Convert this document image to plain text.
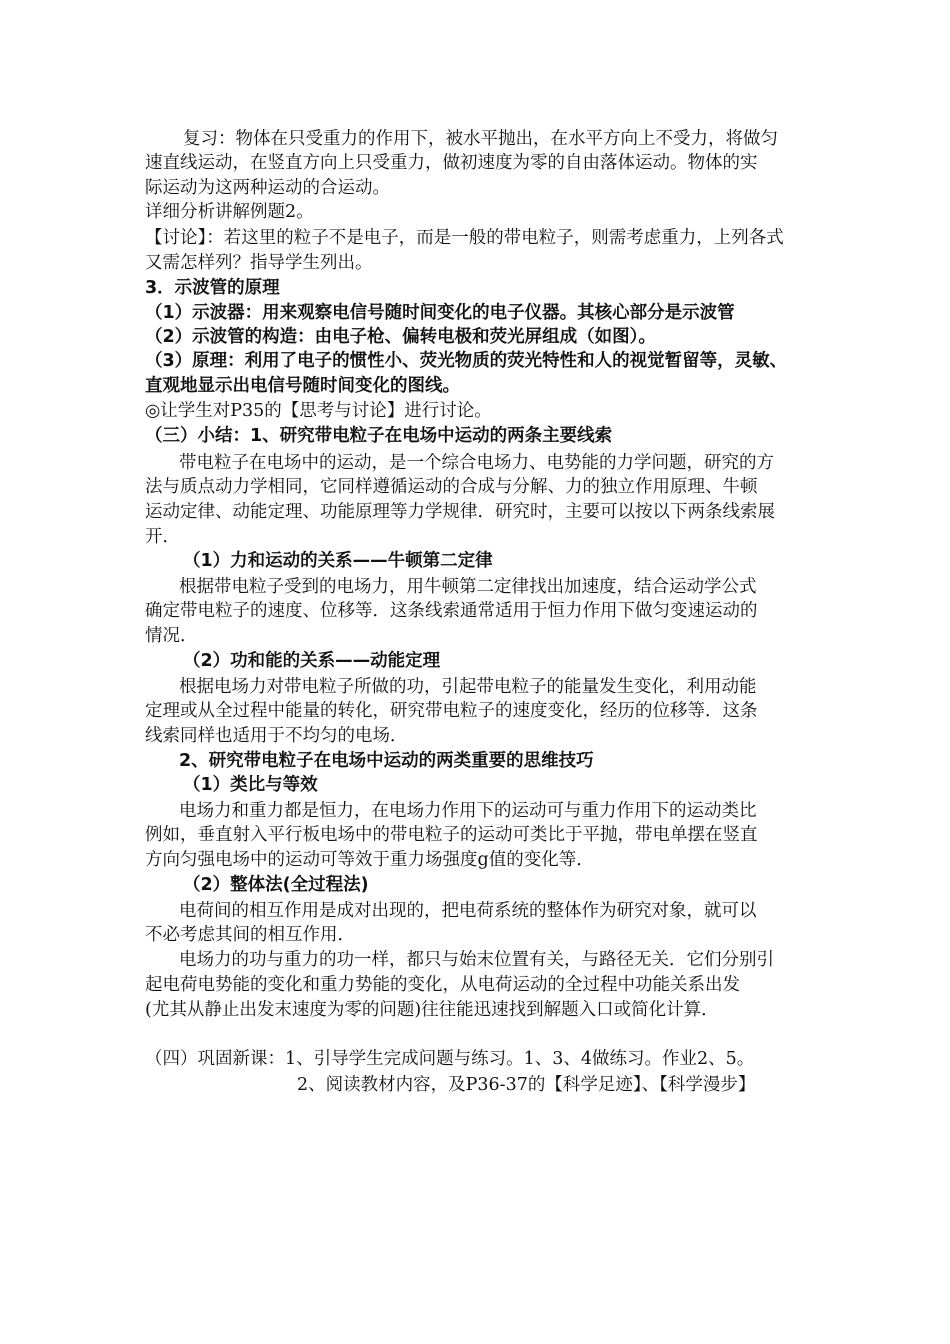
复习：物体在只受重力的作用下，被水平抛出，在水平方向上不受力，将做匀
速直线运动，在竖直方向上只受重力，做初速度为零的自由落体运动。物体的实
际运动为这两种运动的合运动。
详细分析讲解例题2。
【讨论】：若这里的粒子不是电子，而是一般的带电粒子，则需考虑重力，上列各式
又需怎样列？指导学生列出。
3．示波管的原理
（1）示波器：用来观察电信号随时间变化的电子仪器。其核心部分是示波管
（2）示波管的构造：由电子枪、偏转电极和荧光屏组成（如图）。
（3）原理：利用了电子的惯性小、荧光物质的荧光特性和人的视觉暂留等，灵敏、
直观地显示出电信号随时间变化的图线。
◎让学生对P35的【思考与讨论】进行讨论。
（三）小结：1、研究带电粒子在电场中运动的两条主要线索
带电粒子在电场中的运动，是一个综合电场力、电势能的力学问题，研究的方
法与质点动力学相同，它同样遵循运动的合成与分解、力的独立作用原理、牛顿
运动定律、动能定理、功能原理等力学规律．研究时，主要可以按以下两条线索展
开．
（1）力和运动的关系——牛顿第二定律
根据带电粒子受到的电场力，用牛顿第二定律找出加速度，结合运动学公式
确定带电粒子的速度、位移等．这条线索通常适用于恒力作用下做匀变速运动的
情况．
（2）功和能的关系——动能定理
根据电场力对带电粒子所做的功，引起带电粒子的能量发生变化，利用动能
定理或从全过程中能量的转化，研究带电粒子的速度变化，经历的位移等．这条
线索同样也适用于不均匀的电场．
2、研究带电粒子在电场中运动的两类重要的思维技巧
（1）类比与等效
电场力和重力都是恒力，在电场力作用下的运动可与重力作用下的运动类比
例如，垂直射入平行板电场中的带电粒子的运动可类比于平抛，带电单摆在竖直
方向匀强电场中的运动可等效于重力场强度g值的变化等．
（2）整体法(全过程法)
电荷间的相互作用是成对出现的，把电荷系统的整体作为研究对象，就可以
不必考虑其间的相互作用．
电场力的功与重力的功一样，都只与始末位置有关，与路径无关．它们分别引
起电荷电势能的变化和重力势能的变化，从电荷运动的全过程中功能关系出发
(尤其从静止出发末速度为零的问题)往往能迅速找到解题入口或简化计算．
（四）巩固新课：1、引导学生完成问题与练习。1、3、4做练习。作业2、5。
2、阅读教材内容，及P36-37的【科学足迹】、【科学漫步】
